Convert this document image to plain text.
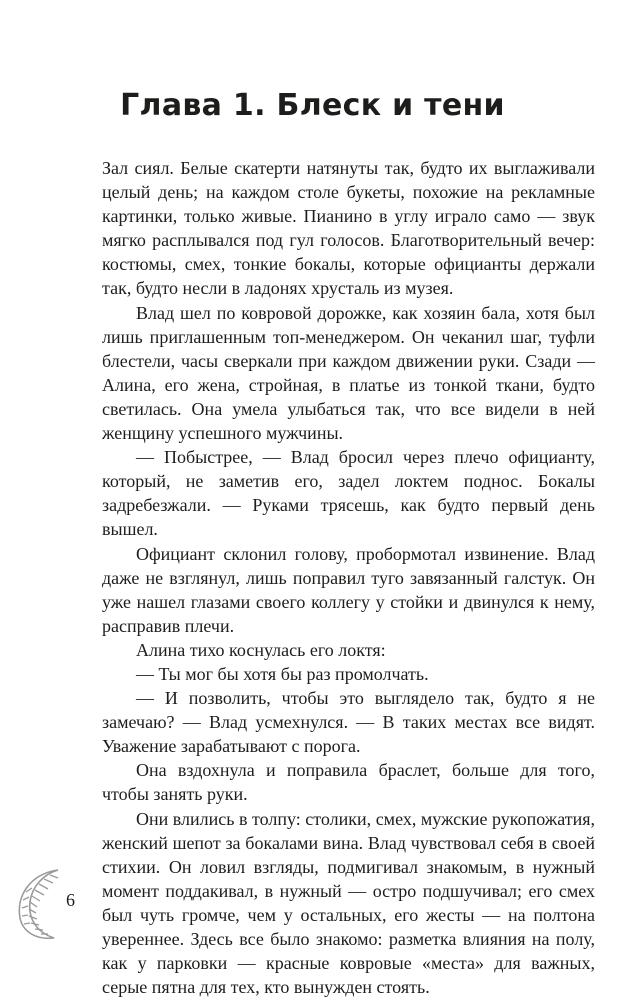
Глава 1. Блеск и тени

Зал сиял. Белые скатерти натянуты так, будто их выглаживали целый день; на каждом столе букеты, похожие на рекламные картинки, только живые. Пианино в углу играло само — звук мягко расплывался под гул голосов. Благотворительный вечер: костюмы, смех, тонкие бокалы, которые официанты держали так, будто несли в ладонях хрусталь из музея.

Влад шел по ковровой дорожке, как хозяин бала, хотя был лишь приглашенным топ-менеджером. Он чеканил шаг, туфли блестели, часы сверкали при каждом движении руки. Сзади — Алина, его жена, стройная, в платье из тонкой ткани, будто светилась. Она умела улыбаться так, что все видели в ней женщину успешного мужчины.

— Побыстрее, — Влад бросил через плечо официанту, который, не заметив его, задел локтем поднос. Бокалы задребезжали. — Руками трясешь, как будто первый день вышел.

Официант склонил голову, пробормотал извинение. Влад даже не взглянул, лишь поправил туго завязанный галстук. Он уже нашел глазами своего коллегу у стойки и двинулся к нему, расправив плечи.

Алина тихо коснулась его локтя:

— Ты мог бы хотя бы раз промолчать.

— И позволить, чтобы это выглядело так, будто я не замечаю? — Влад усмехнулся. — В таких местах все видят. Уважение зарабатывают с порога.

Она вздохнула и поправила браслет, больше для того, чтобы занять руки.

Они влились в толпу: столики, смех, мужские рукопожатия, женский шепот за бокалами вина. Влад чувствовал себя в своей стихии. Он ловил взгляды, подмигивал знакомым, в нужный момент поддакивал, в нужный — остро подшучивал; его смех был чуть громче, чем у остальных, его жесты — на полтона увереннее. Здесь все было знакомо: разметка влияния на полу, как у парковки — красные ковровые «места» для важных, серые пятна для тех, кто вынужден стоять.

6
